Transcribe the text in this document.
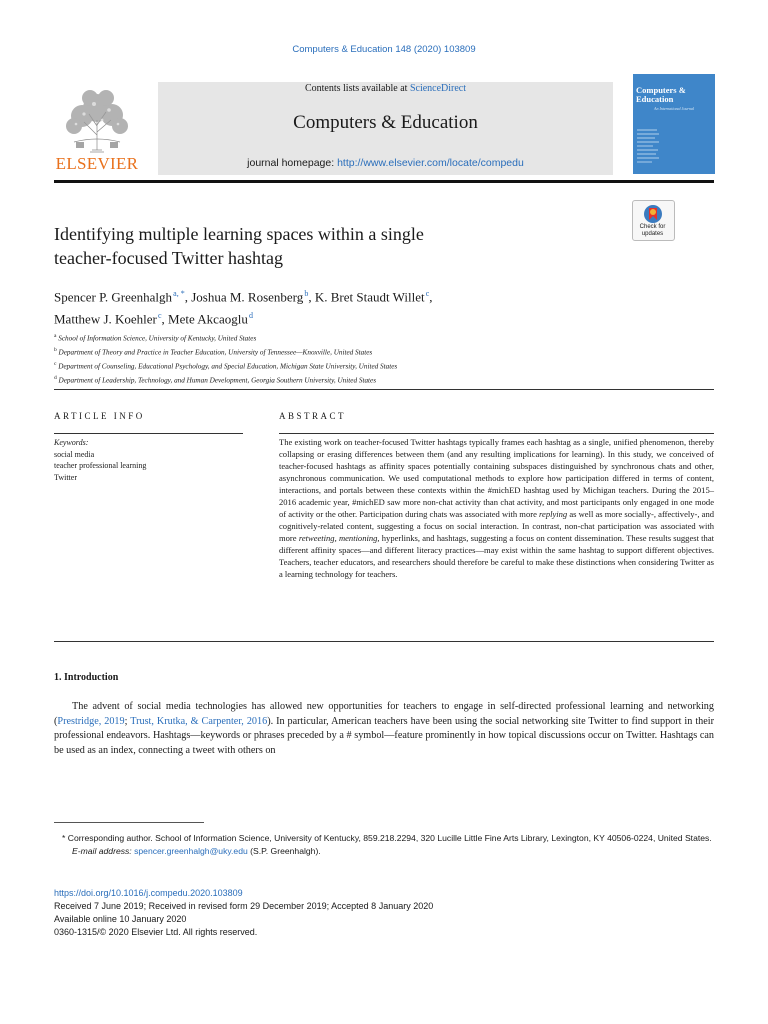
Computers & Education 148 (2020) 103809
ELSEVIER
Contents lists available at ScienceDirect
Computers & Education
journal homepage: http://www.elsevier.com/locate/compedu
Computers & Education
An International Journal
Check for updates
Identifying multiple learning spaces within a single
teacher-focused Twitter hashtag
Spencer P. Greenhalgh $^{a, *}$, Joshua M. Rosenberg $^b$, K. Bret Staudt Willet $^c$,
Matthew J. Koehler $^c$, Mete Akcaoglu $^d$
$^a$ School of Information Science, University of Kentucky, United States
$^b$ Department of Theory and Practice in Teacher Education, University of Tennessee—Knoxville, United States
$^c$ Department of Counseling, Educational Psychology, and Special Education, Michigan State University, United States
$^d$ Department of Leadership, Technology, and Human Development, Georgia Southern University, United States
ARTICLE INFO	ABSTRACT
Keywords:
social media
teacher professional learning
Twitter
The existing work on teacher-focused Twitter hashtags typically frames each hashtag as a single, unified phenomenon, thereby collapsing or erasing differences between them (and any resulting implications for learning). In this study, we conceived of teacher-focused hashtags as affinity spaces potentially containing subspaces distinguished by synchronous chats and other, asynchronous communication. We used computational methods to explore how participation differed in terms of content, interactions, and portals between these contexts within the #michED hashtag used by Michigan teachers. During the 2015–2016 academic year, #michED saw more non-chat activity than chat activity, and most participants only engaged in one mode of activity or the other. Participation during chats was associated with more replying as well as more socially-, affectively-, and cognitively-related content, suggesting a focus on social interaction. In contrast, non-chat participation was associated with more retweeting, mentioning, hyperlinks, and hashtags, suggesting a focus on content dissemination. These results suggest that different affinity spaces—and different literacy practices—may exist within the same hashtag to support different objectives. Teachers, teacher educators, and researchers should therefore be careful to make these distinctions when considering Twitter as a learning technology for teachers.
1. Introduction
The advent of social media technologies has allowed new opportunities for teachers to engage in self-directed professional learning and networking (Prestridge, 2019; Trust, Krutka, & Carpenter, 2016). In particular, American teachers have been using the social networking site Twitter to find support in their professional endeavors. Hashtags—keywords or phrases preceded by a # symbol—feature prominently in how topical discussions occur on Twitter. Hashtags can be used as an index, connecting a tweet with others on
* Corresponding author. School of Information Science, University of Kentucky, 859.218.2294, 320 Lucille Little Fine Arts Library, Lexington, KY 40506-0224, United States.
E-mail address: spencer.greenhalgh@uky.edu (S.P. Greenhalgh).
https://doi.org/10.1016/j.compedu.2020.103809
Received 7 June 2019; Received in revised form 29 December 2019; Accepted 8 January 2020
Available online 10 January 2020
0360-1315/© 2020 Elsevier Ltd. All rights reserved.
